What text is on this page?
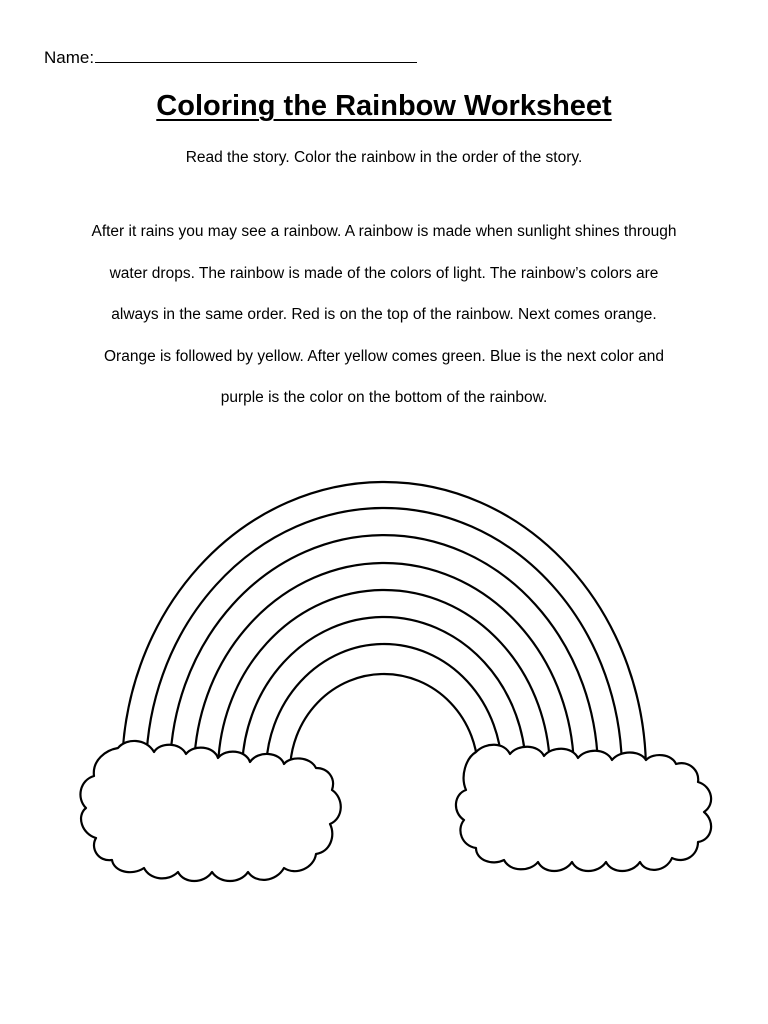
Name:
Coloring the Rainbow Worksheet
Read the story. Color the rainbow in the order of the story.
After it rains you may see a rainbow. A rainbow is made when sunlight shines through
water drops. The rainbow is made of the colors of light. The rainbow’s colors are
always in the same order. Red is on the top of the rainbow. Next comes orange.
Orange is followed by yellow. After yellow comes green. Blue is the next color and
purple is the color on the bottom of the rainbow.
